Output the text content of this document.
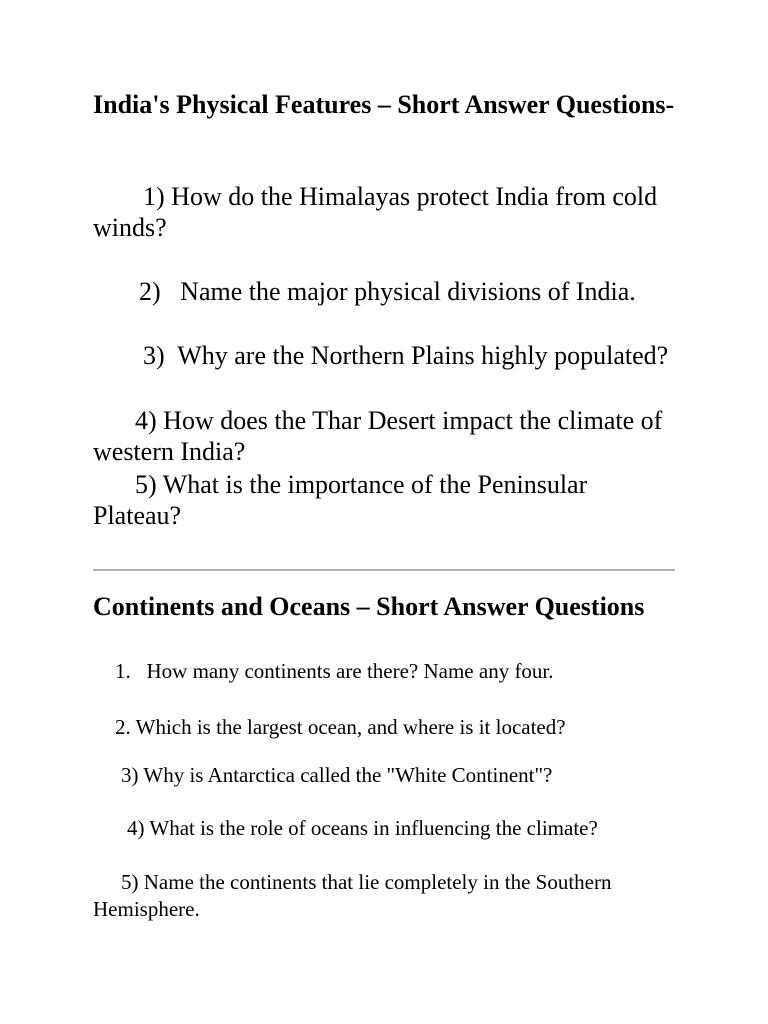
India's Physical Features – Short Answer Questions-

1) How do the Himalayas protect India from cold winds?

2) Name the major physical divisions of India.

3) Why are the Northern Plains highly populated?

4) How does the Thar Desert impact the climate of western India?

5) What is the importance of the Peninsular Plateau?

Continents and Oceans – Short Answer Questions

1. How many continents are there? Name any four.

2. Which is the largest ocean, and where is it located?

3) Why is Antarctica called the "White Continent"?

4) What is the role of oceans in influencing the climate?

5) Name the continents that lie completely in the Southern Hemisphere.
